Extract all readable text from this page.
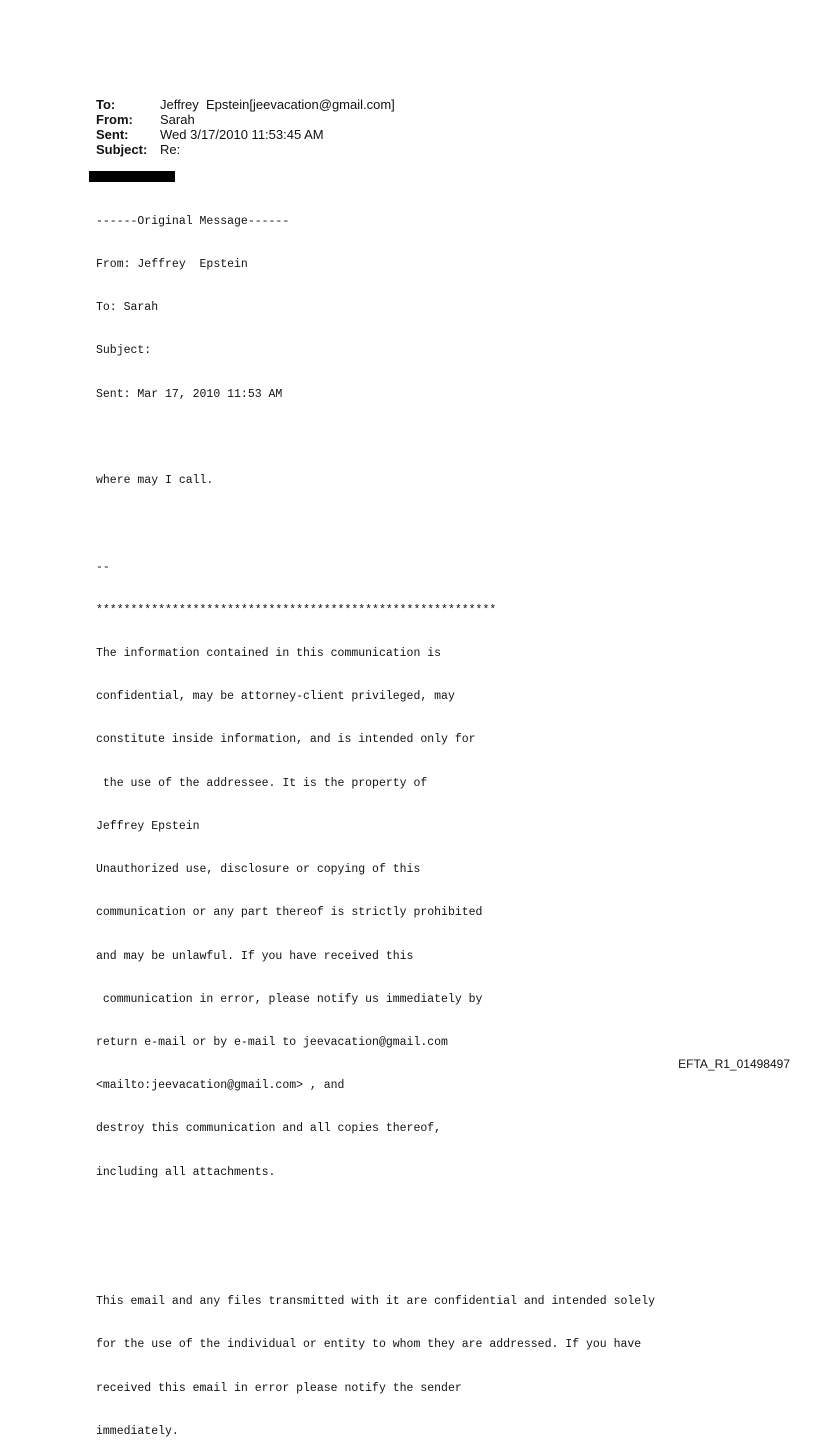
To:	Jeffrey  Epstein[jeevacation@gmail.com]
From:	Sarah
Sent:	Wed 3/17/2010 11:53:45 AM
Subject: Re:

------Original Message------

From: Jeffrey  Epstein

To: Sarah

Subject:

Sent: Mar 17, 2010 11:53 AM

where may I call.

--

**********************************************************

The information contained in this communication is

confidential, may be attorney-client privileged, may

constitute inside information, and is intended only for

the use of the addressee. It is the property of

Jeffrey Epstein

Unauthorized use, disclosure or copying of this

communication or any part thereof is strictly prohibited

and may be unlawful. If you have received this

communication in error, please notify us immediately by

return e-mail or by e-mail to jeevacation@gmail.com

<mailto:jeevacation@gmail.com> , and

destroy this communication and all copies thereof,

including all attachments.

This email and any files transmitted with it are confidential and intended solely

for the use of the individual or entity to whom they are addressed. If you have

received this email in error please notify the sender

immediately.

EFTA_R1_01498497
